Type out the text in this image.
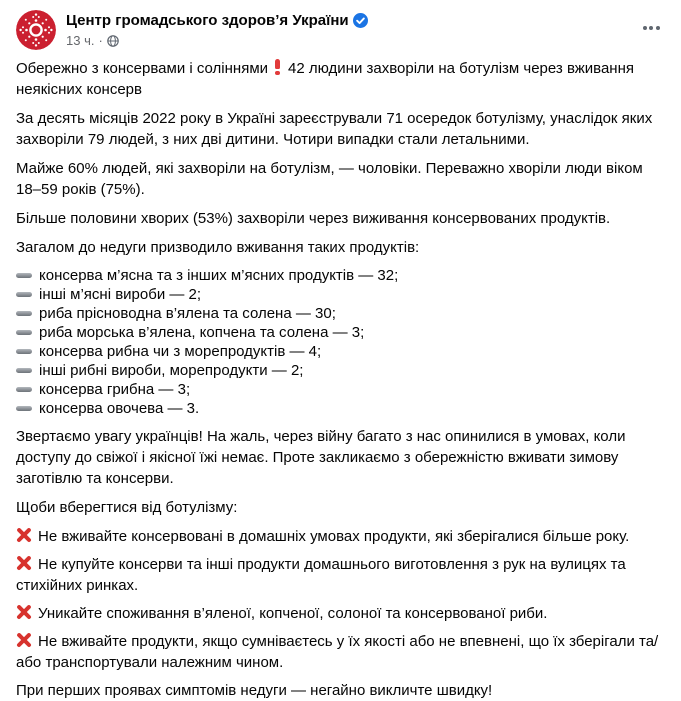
Центр громадського здоров’я України
13 ч. ·
Обережно з консервами і соліннями 42 людини захворіли на ботулізм через вживання неякісних консерв
За десять місяців 2022 року в Україні зареєстрували 71 осередок ботулізму, унаслідок яких захворіли 79 людей, з них дві дитини. Чотири випадки стали летальними.
Майже 60% людей, які захворіли на ботулізм, — чоловіки. Переважно хворіли люди віком 18–59 років (75%).
Більше половини хворих (53%) захворіли через виживання консервованих продуктів.
Загалом до недуги призводило вживання таких продуктів:
консерва м’ясна та з інших м’ясних продуктів — 32;
інші м’ясні вироби — 2;
риба прісноводна в’ялена та солена — 30;
риба морська в’ялена, копчена та солена — 3;
консерва рибна чи з морепродуктів — 4;
інші рибні вироби, морепродукти — 2;
консерва грибна — 3;
консерва овочева — 3.
Звертаємо увагу українців! На жаль, через війну багато з нас опинилися в умовах, коли доступу до свіжої і якісної їжі немає. Проте закликаємо з обережністю вживати зимову заготівлю та консерви.
Щоби вберегтися від ботулізму:
Не вживайте консервовані в домашніх умовах продукти, які зберігалися більше року.
Не купуйте консерви та інші продукти домашнього виготовлення з рук на вулицях та стихійних ринках.
Уникайте споживання в’яленої, копченої, солоної та консервованої риби.
Не вживайте продукти, якщо сумніваєтесь у їх якості або не впевнені, що їх зберігали та/або транспортували належним чином.
При перших проявах симптомів недуги — негайно викличте швидку!
